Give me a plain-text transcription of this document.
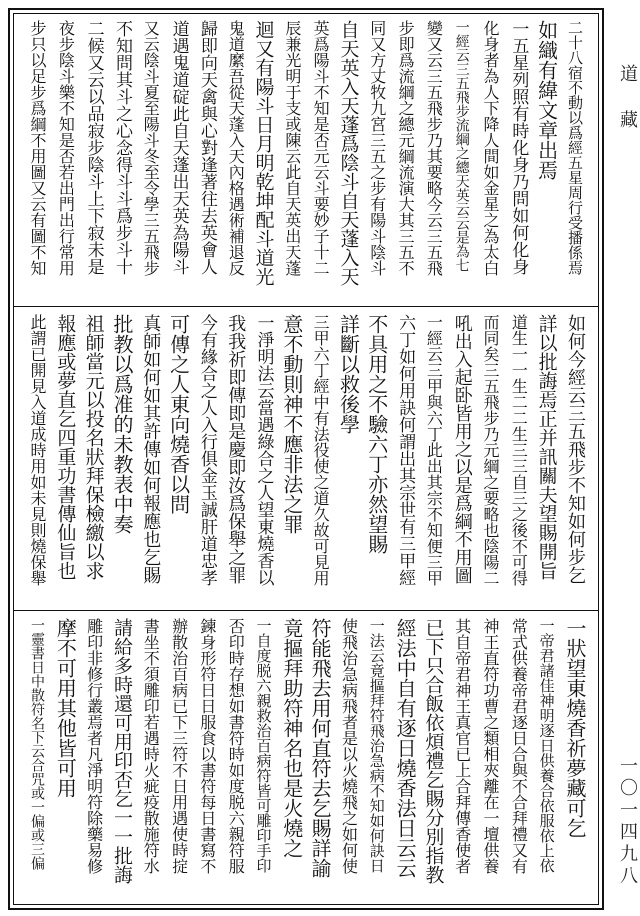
二十八宿不動以爲經五星周行受播係焉
如織有緯文章出焉
一五星列照有時化身乃問如何化身
化身者為人下降人間如金星之為太白
一經云三五飛步流綱之總天英云云是為七
變又云三五飛步乃其要略今云三五飛
步即爲流綱之總元綱流演大其三五不
同又方丈牧九宮三五之步有陽斗陰斗
自天英入天蓬爲陰斗自天蓬入天
英爲陽斗不知是否元云斗要妙子十二
辰兼光明于支或陳云此自天英出天蓬
迴又有陽斗日月明乾坤配斗道光
鬼道縻吾從天蓬入天內格遇術補退反
歸即向天禽與心對逢著往去英會人
道遇鬼道碇此自天蓬出天英為陽斗
又云陰斗夏至陽斗冬至令學三五飛步
不知問其斗之心念得斗斗爲步斗十
二候又云以品寂步陰斗上下寂未是
夜步陰斗樂不知是否若出門出行常用
步只以足步爲綱不用圖又云有圖不知
如何今經云三五飛步不知如何步乞
詳以批誨焉正并訊關夫望賜開旨
道生一一生二二生三三自三之後不可得
而同矣三五飛步乃元綱之要略也陰陽二
吼出入起卧皆用之以是爲綱不用圖
一經云三甲與六丁此出其宗不知便三甲
六丁如何用訣何謂出其宗世有三甲經
不具用之不驗六丁亦然望賜
詳斷以救後學
三甲六丁經中有法役使之道久故可見用
意不動則神不應非法之罪
一淨明法云當遇綠合之人望東燒香以
我我祈即傳即是慶即汝爲保舉之罪
今有緣合之人入行俱金玉誠肝道忠孝
可傳之人東向燒香以問
真師如何如其許傳如何報應也乞賜
批教以爲准的未教表中奏
祖師當元以投名狀拜保檢繳以求
報應或夢直乞四重功書傳仙旨也
此謂已開見入道成時用如未見則燒保舉
一狀望東燒香祈夢藏可乞
一帝君諸佳神明逐日供養合依服依上依
常式供養帝君逐日合與不合拜禮又有
神王直符功曹之類相夾離在一壇供養
其自帝君神王真官已上合拜傳香使者
已下只合飯依煩禮乞賜分別指教
經法中自有逐日燒香法日云云
一法云竟摳拜符飛治急病不知如何訣日
使飛治急病飛者是以火燒飛之如何使
符能飛去用何直符去乞賜詳諭
竟摳拜助符神名也是火燒之
一自度脱六親救治百病符皆可雕印手印
否印時存想如書符時如度脱六親符服
鍊身形符日日服食以書符每日書寫不
辦散治百病已下三符不日用遇使時掟
書坐不須雕印若遇時火疵疫散施符水
請給多時還可用印否乞一一批誨
雕印非修行叢焉者凡淨明符除藥易修
摩不可用其他皆可用
一靈書日中散符名下云合咒或一偏或三偏
道藏
一〇一四九八
